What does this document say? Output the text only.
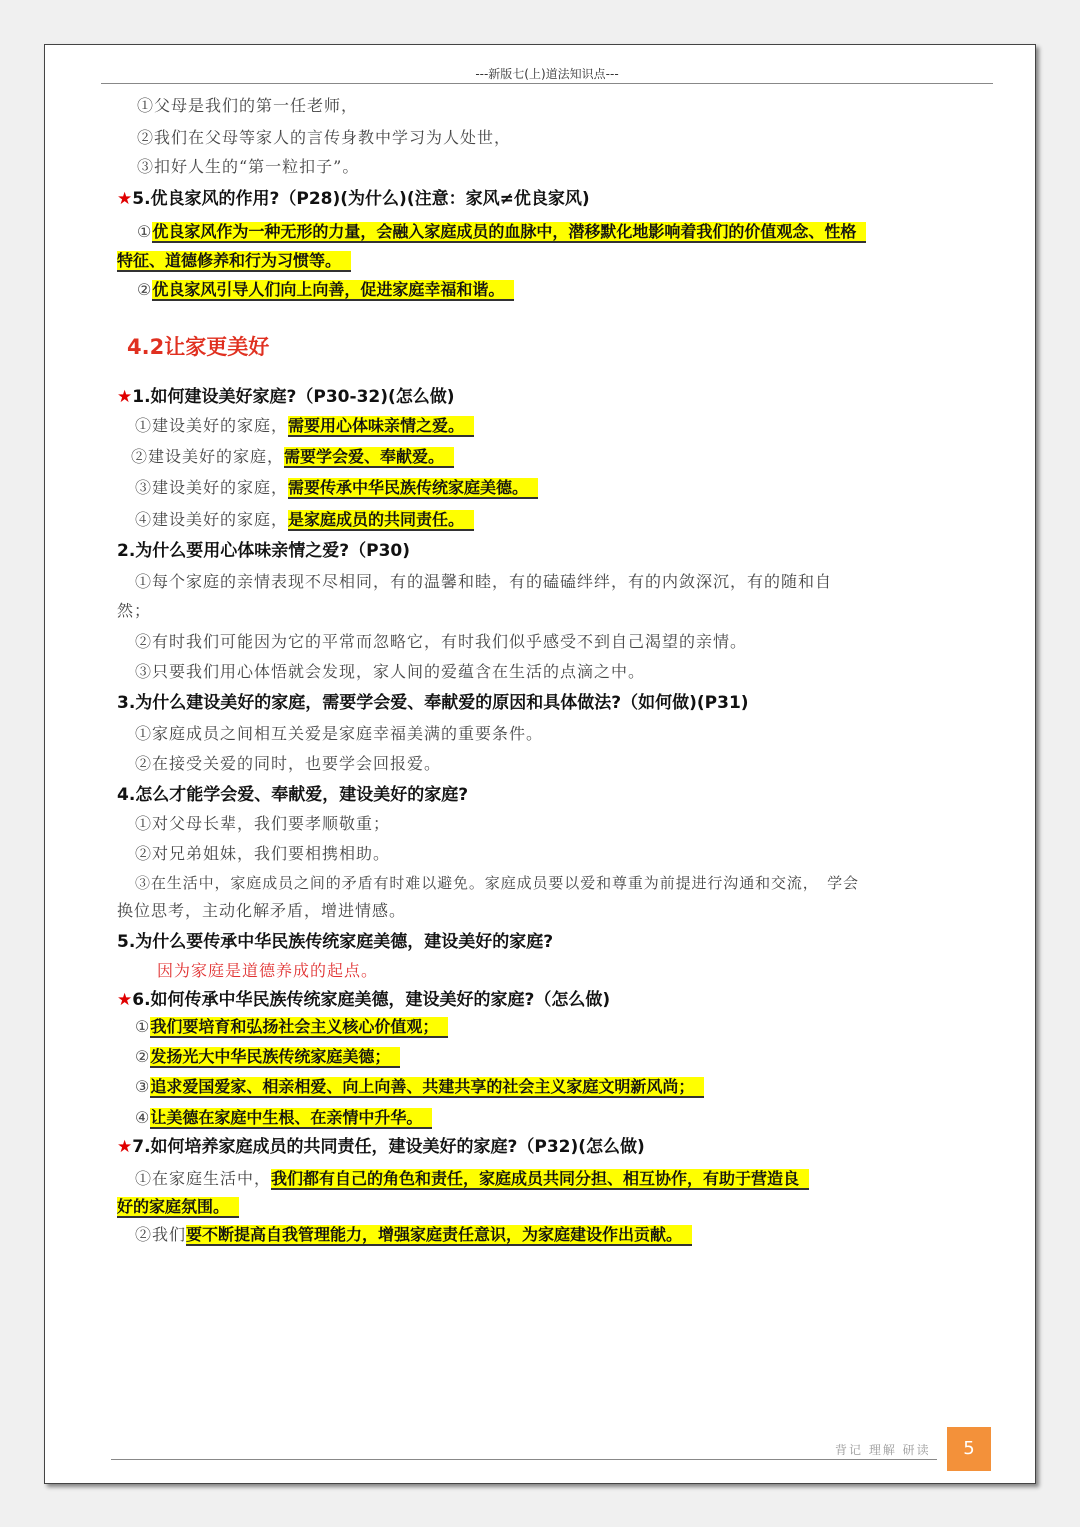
---新版七(上)道法知识点---
①父母是我们的第一任老师，
②我们在父母等家人的言传身教中学习为人处世，
③扣好人生的“第一粒扣子”。
★5.优良家风的作用?（P28)(为什么)(注意：家风≠优良家风)
①优良家风作为一种无形的力量，会融入家庭成员的血脉中，潜移默化地影响着我们的价值观念、性格
特征、道德修养和行为习惯等。
②优良家风引导人们向上向善，促进家庭幸福和谐。
4.2让家更美好
★1.如何建设美好家庭?（P30-32)(怎么做)
①建设美好的家庭，需要用心体味亲情之爱。
②建设美好的家庭，需要学会爱、奉献爱。
③建设美好的家庭，需要传承中华民族传统家庭美德。
④建设美好的家庭，是家庭成员的共同责任。
2.为什么要用心体味亲情之爱?（P30)
①每个家庭的亲情表现不尽相同，有的温馨和睦，有的磕磕绊绊，有的内敛深沉，有的随和自
然；
②有时我们可能因为它的平常而忽略它，有时我们似乎感受不到自己渴望的亲情。
③只要我们用心体悟就会发现，家人间的爱蕴含在生活的点滴之中。
3.为什么建设美好的家庭，需要学会爱、奉献爱的原因和具体做法?（如何做)(P31)
①家庭成员之间相互关爱是家庭幸福美满的重要条件。
②在接受关爱的同时，也要学会回报爱。
4.怎么才能学会爱、奉献爱，建设美好的家庭?
①对父母长辈，我们要孝顺敬重；
②对兄弟姐妹，我们要相携相助。
③在生活中，家庭成员之间的矛盾有时难以避免。家庭成员要以爱和尊重为前提进行沟通和交流，　学会
换位思考，主动化解矛盾，增进情感。
5.为什么要传承中华民族传统家庭美德，建设美好的家庭?
因为家庭是道德养成的起点。
★6.如何传承中华民族传统家庭美德，建设美好的家庭?（怎么做)
①我们要培育和弘扬社会主义核心价值观；
②发扬光大中华民族传统家庭美德；
③追求爱国爱家、相亲相爱、向上向善、共建共享的社会主义家庭文明新风尚；
④让美德在家庭中生根、在亲情中升华。
★7.如何培养家庭成员的共同责任，建设美好的家庭?（P32)(怎么做)
①在家庭生活中，我们都有自己的角色和责任，家庭成员共同分担、相互协作，有助于营造良
好的家庭氛围。
②我们要不断提高自我管理能力，增强家庭责任意识，为家庭建设作出贡献。
背记 理解 研读	5
